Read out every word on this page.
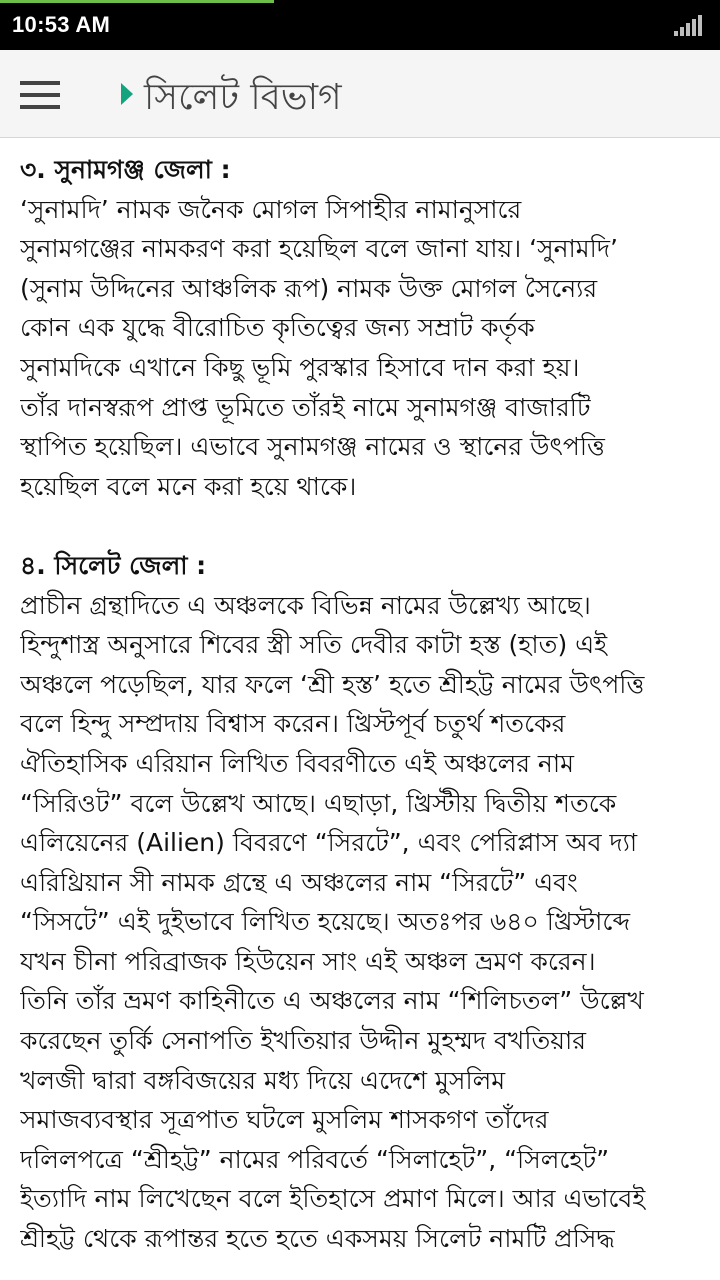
10:53 AM
সিলেট বিভাগ
৩. সুনামগঞ্জ জেলা :
‘সুনামদি’ নামক জনৈক মোগল সিপাহীর নামানুসারে
সুনামগঞ্জের নামকরণ করা হয়েছিল বলে জানা যায়। ‘সুনামদি’
(সুনাম উদ্দিনের আঞ্চলিক রূপ) নামক উক্ত মোগল সৈন্যের
কোন এক যুদ্ধে বীরোচিত কৃতিত্বের জন্য সম্রাট কর্তৃক
সুনামদিকে এখানে কিছু ভূমি পুরস্কার হিসাবে দান করা হয়।
তাঁর দানস্বরূপ প্রাপ্ত ভূমিতে তাঁরই নামে সুনামগঞ্জ বাজারটি
স্থাপিত হয়েছিল। এভাবে সুনামগঞ্জ নামের ও স্থানের উৎপত্তি
হয়েছিল বলে মনে করা হয়ে থাকে।
৪. সিলেট জেলা :
প্রাচীন গ্রন্থাদিতে এ অঞ্চলকে বিভিন্ন নামের উল্লেখ্য আছে।
হিন্দুশাস্ত্র অনুসারে শিবের স্ত্রী সতি দেবীর কাটা হস্ত (হাত) এই
অঞ্চলে পড়েছিল, যার ফলে ‘শ্রী হস্ত’ হতে শ্রীহট্ট নামের উৎপত্তি
বলে হিন্দু সম্প্রদায় বিশ্বাস করেন। খ্রিস্টপূর্ব চতুর্থ শতকের
ঐতিহাসিক এরিয়ান লিখিত বিবরণীতে এই অঞ্চলের নাম
“সিরিওট” বলে উল্লেখ আছে। এছাড়া, খ্রিস্টীয় দ্বিতীয় শতকে
এলিয়েনের (Ailien) বিবরণে “সিরটে”, এবং পেরিপ্লাস অব দ্যা
এরিথ্রিয়ান সী নামক গ্রন্থে এ অঞ্চলের নাম “সিরটে” এবং
“সিসটে” এই দুইভাবে লিখিত হয়েছে। অতঃপর ৬৪০ খ্রিস্টাব্দে
যখন চীনা পরিব্রাজক হিউয়েন সাং এই অঞ্চল ভ্রমণ করেন।
তিনি তাঁর ভ্রমণ কাহিনীতে এ অঞ্চলের নাম “শিলিচতল” উল্লেখ
করেছেন তুর্কি সেনাপতি ইখতিয়ার উদ্দীন মুহম্মদ বখতিয়ার
খলজী দ্বারা বঙ্গবিজয়ের মধ্য দিয়ে এদেশে মুসলিম
সমাজব্যবস্থার সূত্রপাত ঘটলে মুসলিম শাসকগণ তাঁদের
দলিলপত্রে “শ্রীহট্ট” নামের পরিবর্তে “সিলাহেট”, “সিলহেট”
ইত্যাদি নাম লিখেছেন বলে ইতিহাসে প্রমাণ মিলে। আর এভাবেই
শ্রীহট্ট থেকে রূপান্তর হতে হতে একসময় সিলেট নামটি প্রসিদ্ধ
